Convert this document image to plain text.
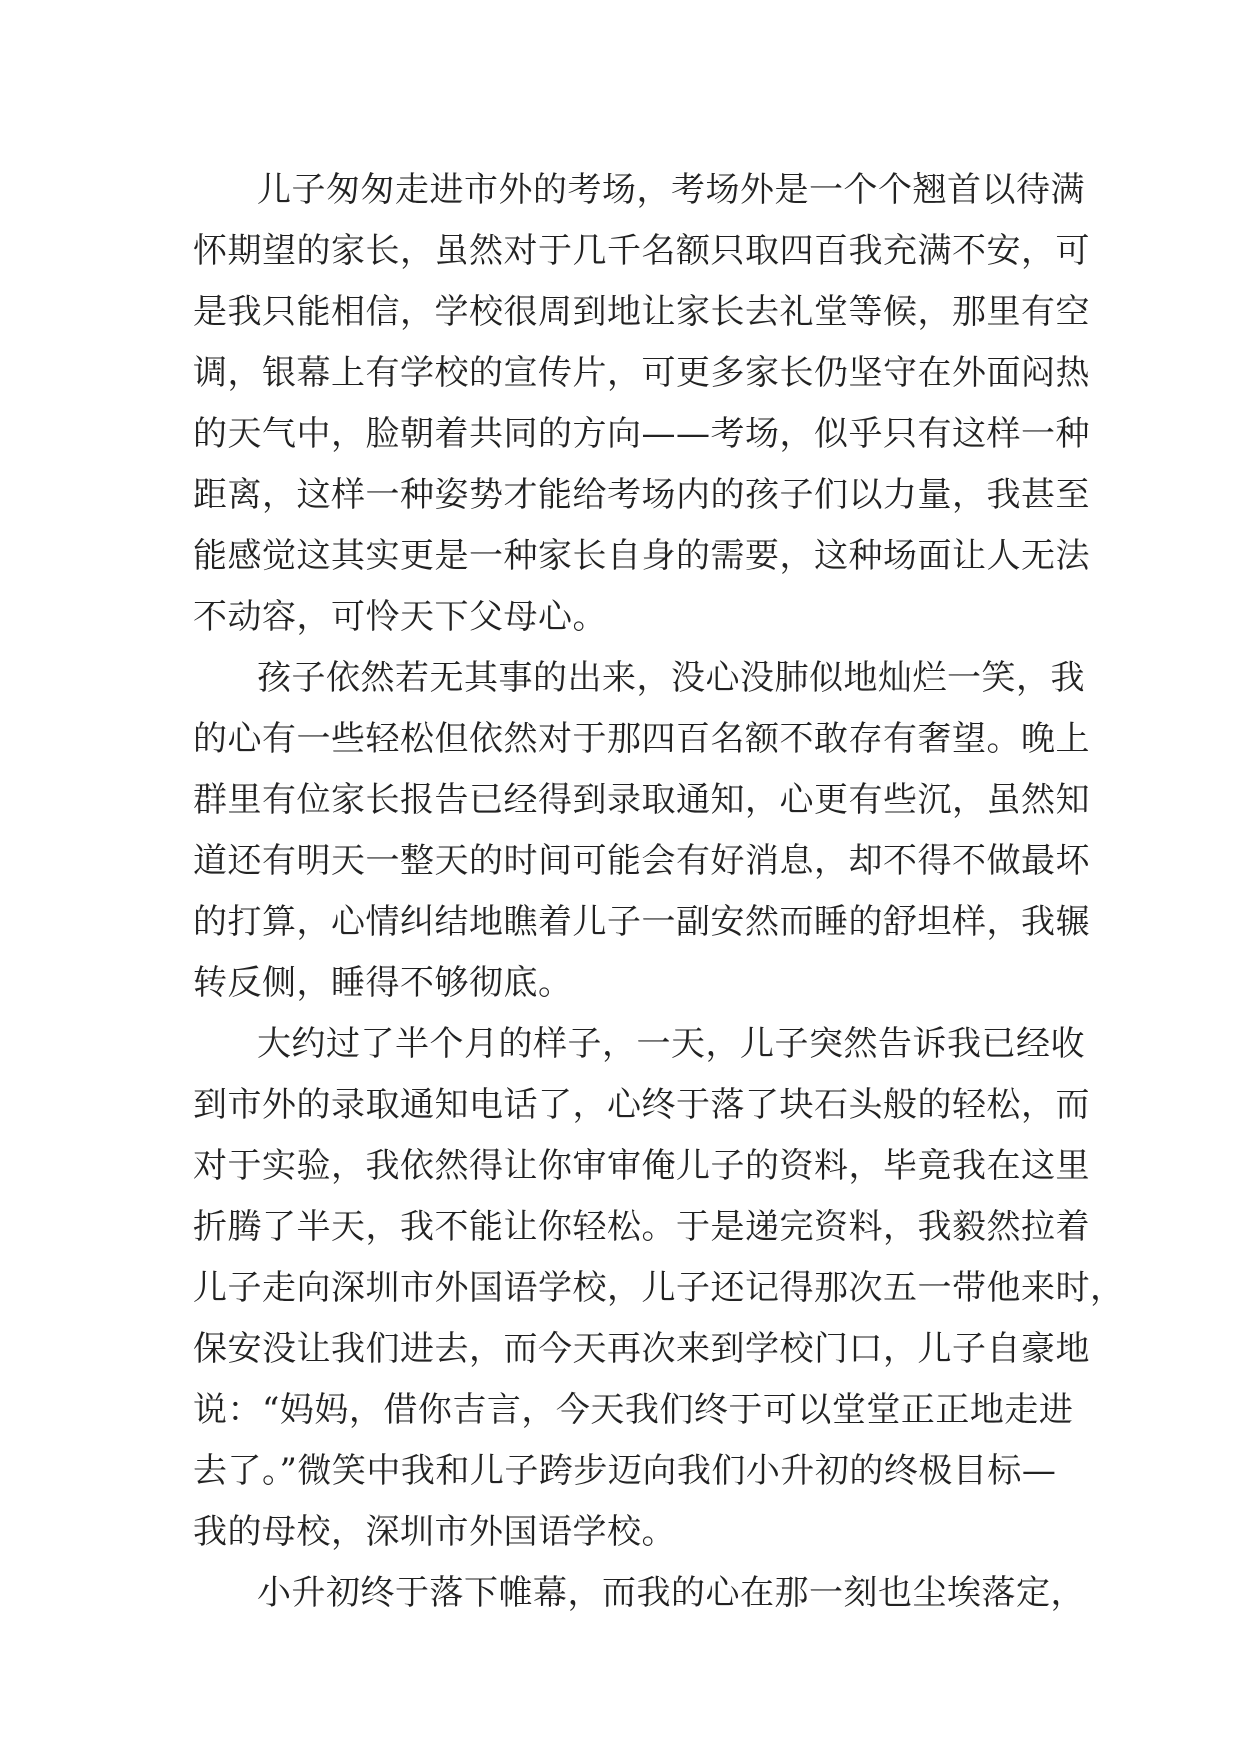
儿子匆匆走进市外的考场，考场外是一个个翘首以待满
怀期望的家长，虽然对于几千名额只取四百我充满不安，可
是我只能相信，学校很周到地让家长去礼堂等候，那里有空
调，银幕上有学校的宣传片，可更多家长仍坚守在外面闷热
的天气中，脸朝着共同的方向——考场，似乎只有这样一种
距离，这样一种姿势才能给考场内的孩子们以力量，我甚至
能感觉这其实更是一种家长自身的需要，这种场面让人无法
不动容，可怜天下父母心。
孩子依然若无其事的出来，没心没肺似地灿烂一笑，我
的心有一些轻松但依然对于那四百名额不敢存有奢望。晚上
群里有位家长报告已经得到录取通知，心更有些沉，虽然知
道还有明天一整天的时间可能会有好消息，却不得不做最坏
的打算，心情纠结地瞧着儿子一副安然而睡的舒坦样，我辗
转反侧，睡得不够彻底。
大约过了半个月的样子，一天，儿子突然告诉我已经收
到市外的录取通知电话了，心终于落了块石头般的轻松，而
对于实验，我依然得让你审审俺儿子的资料，毕竟我在这里
折腾了半天，我不能让你轻松。于是递完资料，我毅然拉着
儿子走向深圳市外国语学校，儿子还记得那次五一带他来时，
保安没让我们进去，而今天再次来到学校门口，儿子自豪地
说：“妈妈，借你吉言，今天我们终于可以堂堂正正地走进
去了。”微笑中我和儿子跨步迈向我们小升初的终极目标—
我的母校，深圳市外国语学校。
小升初终于落下帷幕，而我的心在那一刻也尘埃落定，
